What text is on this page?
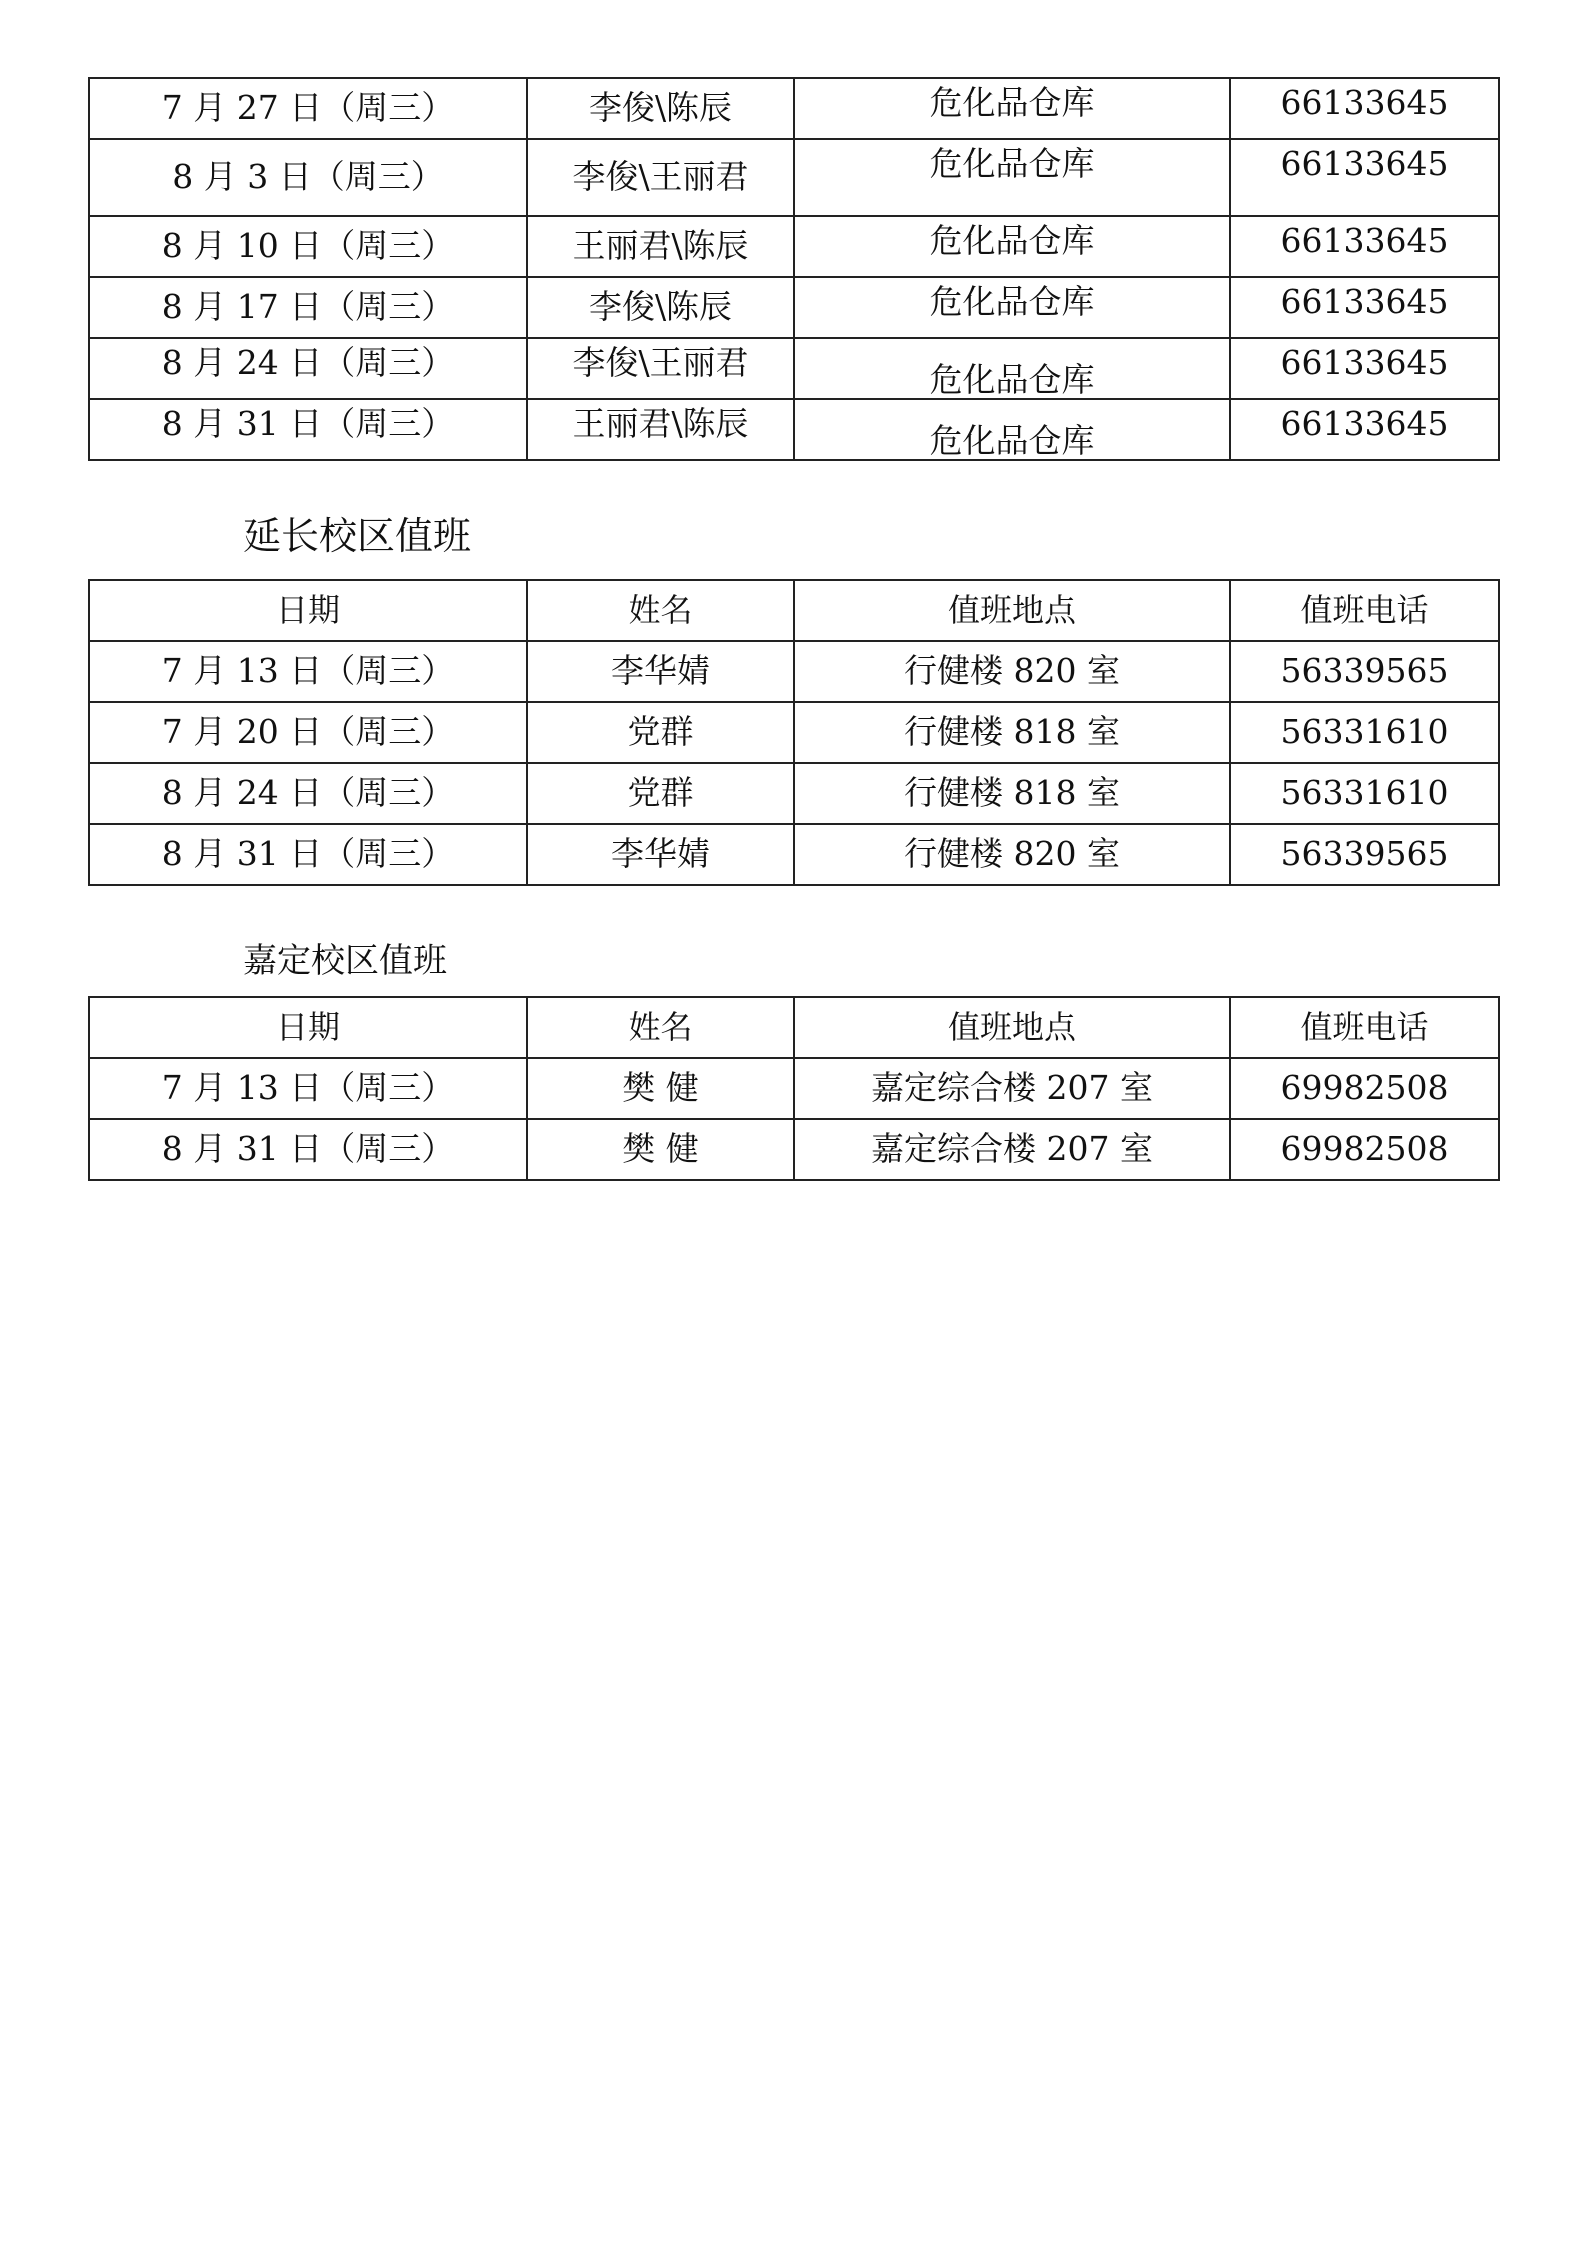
7 月 27 日（周三）	李俊\陈辰	危化品仓库	66133645
8 月 3 日（周三）	李俊\王丽君	危化品仓库	66133645
8 月 10 日（周三）	王丽君\陈辰	危化品仓库	66133645
8 月 17 日（周三）	李俊\陈辰	危化品仓库	66133645
8 月 24 日（周三）	李俊\王丽君	危化品仓库	66133645
8 月 31 日（周三）	王丽君\陈辰	危化品仓库	66133645
延长校区值班
日期	姓名	值班地点	值班电话
7 月 13 日（周三）	李华婧	行健楼 820 室	56339565
7 月 20 日（周三）	党群	行健楼 818 室	56331610
8 月 24 日（周三）	党群	行健楼 818 室	56331610
8 月 31 日（周三）	李华婧	行健楼 820 室	56339565
嘉定校区值班
日期	姓名	值班地点	值班电话
7 月 13 日（周三）	樊 健	嘉定综合楼 207 室	69982508
8 月 31 日（周三）	樊 健	嘉定综合楼 207 室	69982508
